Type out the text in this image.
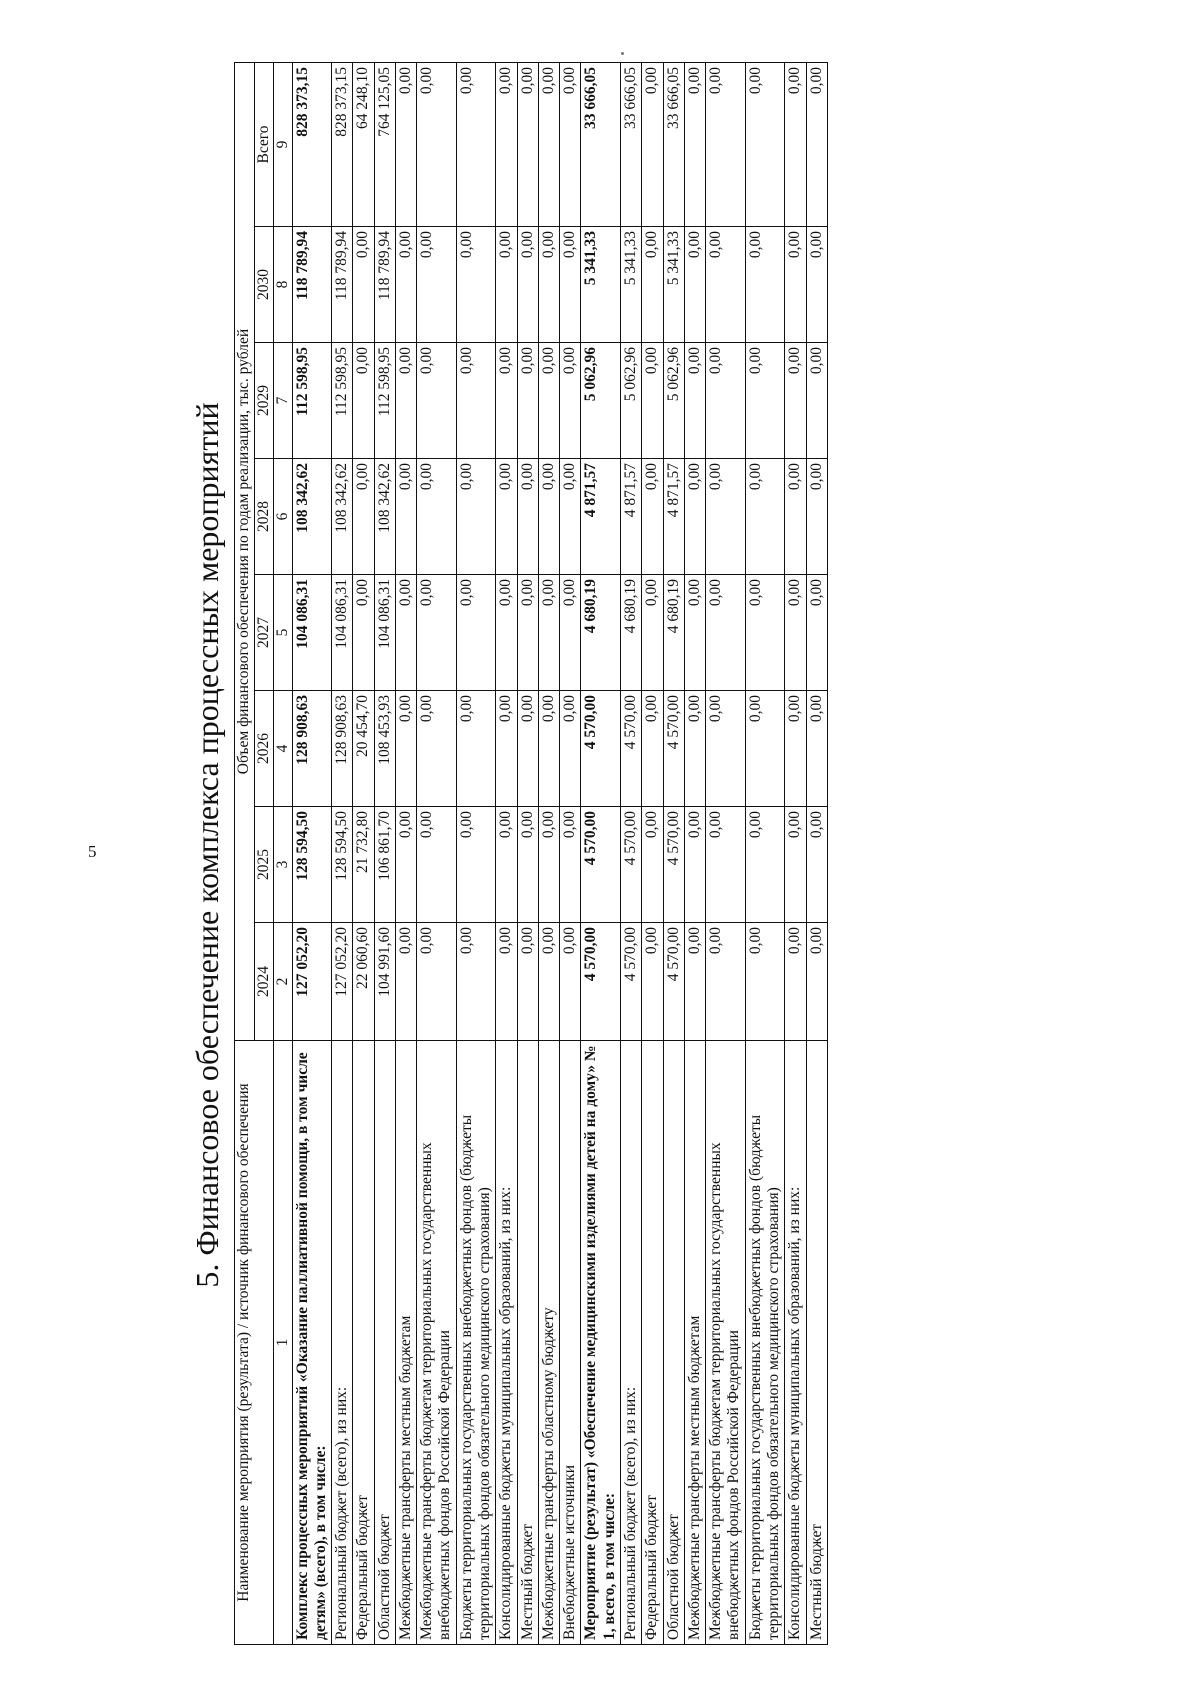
5	5. Финансовое обеспечение комплекса процессных мероприятий
Наименование мероприятия (результата) / источник финансового обеспечения	Объем финансового обеспечения по годам реализации, тыс. рублей							
	2024	2025	2026	2027	2028	2029	2030	Всего
1	2	3	4	5	6	7	8	9
Комплекс процессных мероприятий «Оказание паллиативной помощи, в том числе детям» (всего), в том числе:	127 052,20	128 594,50	128 908,63	104 086,31	108 342,62	112 598,95	118 789,94	828 373,15
Региональный бюджет (всего), из них:	127 052,20	128 594,50	128 908,63	104 086,31	108 342,62	112 598,95	118 789,94	828 373,15
Федеральный бюджет	22 060,60	21 732,80	20 454,70	0,00	0,00	0,00	0,00	64 248,10
Областной бюджет	104 991,60	106 861,70	108 453,93	104 086,31	108 342,62	112 598,95	118 789,94	764 125,05
Межбюджетные трансферты местным бюджетам	0,00	0,00	0,00	0,00	0,00	0,00	0,00	0,00
Межбюджетные трансферты бюджетам территориальных государственных внебюджетных фондов Российской Федерации	0,00	0,00	0,00	0,00	0,00	0,00	0,00	0,00
Бюджеты территориальных государственных внебюджетных фондов (бюджеты территориальных фондов обязательного медицинского страхования)	0,00	0,00	0,00	0,00	0,00	0,00	0,00	0,00
Консолидированные бюджеты муниципальных образований, из них:	0,00	0,00	0,00	0,00	0,00	0,00	0,00	0,00
Местный бюджет	0,00	0,00	0,00	0,00	0,00	0,00	0,00	0,00
Межбюджетные трансферты областному бюджету	0,00	0,00	0,00	0,00	0,00	0,00	0,00	0,00
Внебюджетные источники	0,00	0,00	0,00	0,00	0,00	0,00	0,00	0,00
Мероприятие (результат) «Обеспечение медицинскими изделиями детей на дому» № 1, всего, в том числе:	4 570,00	4 570,00	4 570,00	4 680,19	4 871,57	5 062,96	5 341,33	33 666,05
Региональный бюджет (всего), из них:	4 570,00	4 570,00	4 570,00	4 680,19	4 871,57	5 062,96	5 341,33	33 666,05
Федеральный бюджет	0,00	0,00	0,00	0,00	0,00	0,00	0,00	0,00
Областной бюджет	4 570,00	4 570,00	4 570,00	4 680,19	4 871,57	5 062,96	5 341,33	33 666,05
Межбюджетные трансферты местным бюджетам	0,00	0,00	0,00	0,00	0,00	0,00	0,00	0,00
Межбюджетные трансферты бюджетам территориальных государственных внебюджетных фондов Российской Федерации	0,00	0,00	0,00	0,00	0,00	0,00	0,00	0,00
Бюджеты территориальных государственных внебюджетных фондов (бюджеты территориальных фондов обязательного медицинского страхования)	0,00	0,00	0,00	0,00	0,00	0,00	0,00	0,00
Консолидированные бюджеты муниципальных образований, из них:	0,00	0,00	0,00	0,00	0,00	0,00	0,00	0,00
Местный бюджет	0,00	0,00	0,00	0,00	0,00	0,00	0,00	0,00
